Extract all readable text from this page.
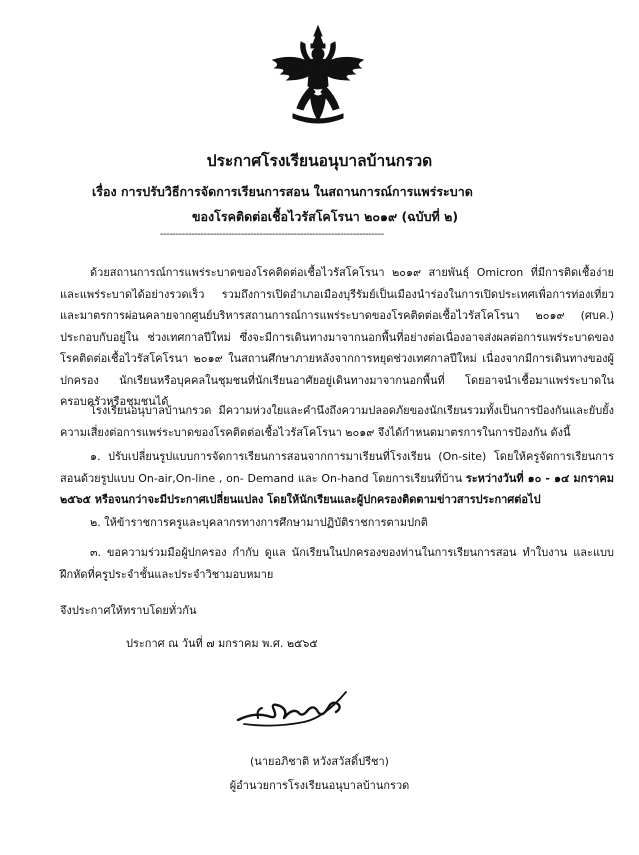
ประกาศโรงเรียนอนุบาลบ้านกรวด
เรื่อง การปรับวิธีการจัดการเรียนการสอน ในสถานการณ์การแพร่ระบาด
ของโรคติดต่อเชื้อไวรัสโคโรนา ๒๐๑๙ (ฉบับที่ ๒)
------------------------------------------------------------------------
ด้วยสถานการณ์การแพร่ระบาดของโรคติดต่อเชื้อไวรัสโคโรนา ๒๐๑๙ สายพันธุ์ Omicron ที่มีการติดเชื้อง่ายและแพร่ระบาดได้อย่างรวดเร็ว รวมถึงการเปิดอำเภอเมืองบุรีรัมย์เป็นเมืองนำร่องในการเปิดประเทศเพื่อการท่องเที่ยว และมาตรการผ่อนคลายจากศูนย์บริหารสถานการณ์การแพร่ระบาดของโรคติดต่อเชื้อไวรัสโคโรนา ๒๐๑๙ (ศบค.) ประกอบกับอยู่ใน ช่วงเทศกาลปีใหม่ ซึ่งจะมีการเดินทางมาจากนอกพื้นที่อย่างต่อเนื่องอาจส่งผลต่อการแพร่ระบาดของโรคติดต่อเชื้อไวรัสโคโรนา ๒๐๑๙ ในสถานศึกษาภายหลังจากการหยุดช่วงเทศกาลปีใหม่ เนื่องจากมีการเดินทางของผู้ปกครอง นักเรียนหรือบุคคลในชุมชนที่นักเรียนอาศัยอยู่เดินทางมาจากนอกพื้นที่ โดยอาจนำเชื้อมาแพร่ระบาดในครอบครัวหรือชุมชนได้
โรงเรียนอนุบาลบ้านกรวด มีความห่วงใยและคำนึงถึงความปลอดภัยของนักเรียนรวมทั้งเป็นการป้องกันและยับยั้งความเสี่ยงต่อการแพร่ระบาดของโรคติดต่อเชื้อไวรัสโคโรนา ๒๐๑๙ จึงได้กำหนดมาตรการในการป้องกัน ดังนี้
๑. ปรับเปลี่ยนรูปแบบการจัดการเรียนการสอนจากการมาเรียนที่โรงเรียน (On-site) โดยให้ครูจัดการเรียนการสอนด้วยรูปแบบ On-air,On-line , on- Demand และ On-hand โดยการเรียนที่บ้าน ระหว่างวันที่ ๑๐ - ๑๔ มกราคม ๒๕๖๕ หรือจนกว่าจะมีประกาศเปลี่ยนแปลง โดยให้นักเรียนและผู้ปกครองติดตามข่าวสารประกาศต่อไป
๒. ให้ข้าราชการครูและบุคลากรทางการศึกษามาปฏิบัติราชการตามปกติ
๓. ขอความร่วมมือผู้ปกครอง กำกับ ดูแล นักเรียนในปกครองของท่านในการเรียนการสอน ทำใบงาน และแบบฝึกหัดที่ครูประจำชั้นและประจำวิชามอบหมาย
จึงประกาศให้ทราบโดยทั่วกัน
ประกาศ ณ วันที่ ๗ มกราคม พ.ศ. ๒๕๖๕
(นายอภิชาติ หวังสวัสดิ์ปรีชา)
ผู้อำนวยการโรงเรียนอนุบาลบ้านกรวด
